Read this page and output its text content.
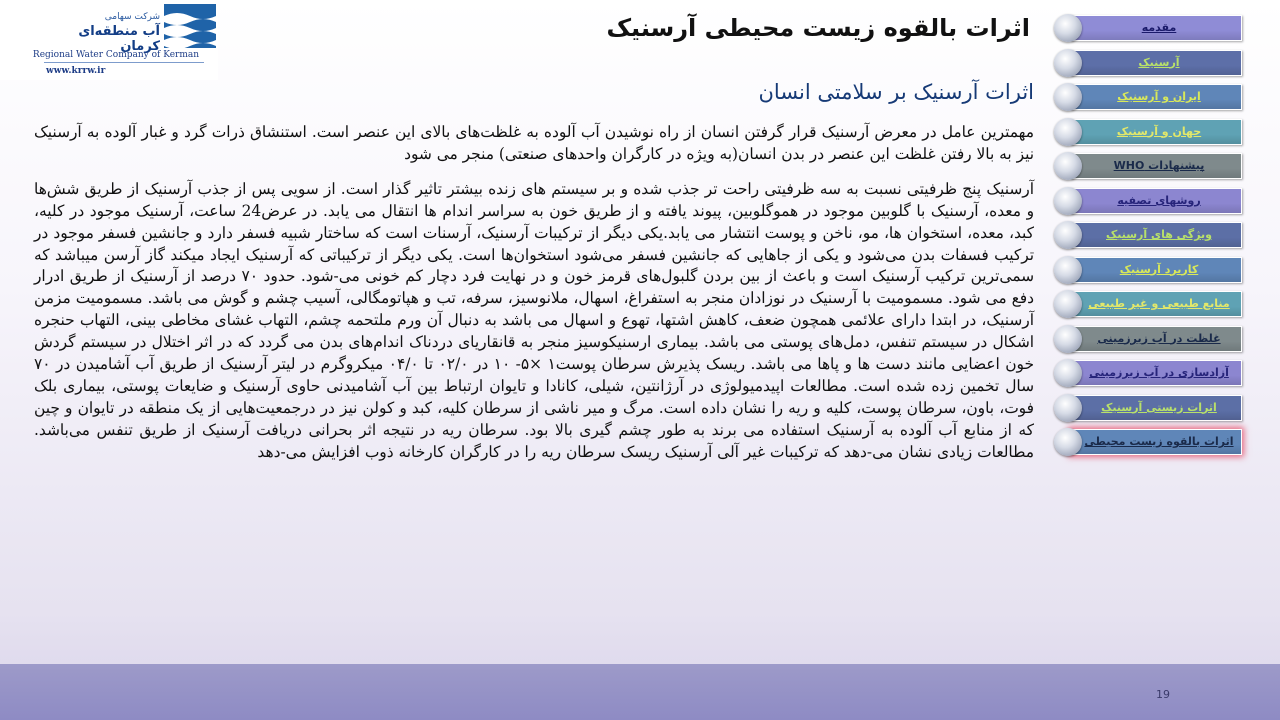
19
شرکت سهامی
آب منطقه‌ای کرمان
Regional Water Company of Kerman
www.krrw.ir
اثرات بالقوه زیست محیطی آرسنیک
اثرات آرسنیک بر سلامتی انسان

مهمترین عامل در معرض آرسنیک قرار گرفتن انسان از راه نوشیدن آب آلوده به غلظت‌های بالای این عنصر است. استنشاق ذرات گرد و غبار آلوده به آرسنیک نیز به بالا رفتن غلظت این عنصر در بدن انسان(به ویژه در کارگران واحدهای صنعتی) منجر می شود

آرسنیک پنج ظرفیتی نسبت به سه ظرفیتی راحت تر جذب شده و بر سیستم های زنده بیشتر تاثیر گذار است. از سویی پس از جذب آرسنیک از طریق شش‌ها و معده، آرسنیک با گلوبین موجود در هموگلوبین، پیوند یافته و از طریق خون به سراسر اندام ها انتقال می یابد. در عرض24 ساعت، آرسنیک موجود در کلیه، کبد، معده، استخوان ها، مو، ناخن و پوست انتشار می یابد.یکی دیگر از ترکیبات آرسنیک، آرسنات است که ساختار شبیه فسفر دارد و جانشین فسفر موجود در ترکیب فسفات بدن می‌شود و یکی از جاهایی که جانشین فسفر می‌شود استخوان‌ها است. یکی دیگر از ترکیباتی که آرسنیک ایجاد میکند گاز آرسن میباشد که سمی‌ترین ترکیب آرسنیک است و باعث از بین بردن گلبول‌های قرمز خون و در نهایت فرد دچار کم خونی می-شود. حدود ۷۰ درصد از آرسنیک از طریق ادرار دفع می شود. مسمومیت با آرسنیک در نوزادان منجر به استفراغ، اسهال، ملانوسیز، سرفه، تب و هپاتومگالی، آسیب چشم و گوش می باشد. مسمومیت مزمن آرسنیک، در ابتدا دارای علائمی همچون ضعف، کاهش اشتها، تهوع و اسهال می باشد به دنبال آن ورم ملتحمه چشم، التهاب غشای مخاطی بینی، التهاب حنجره اشکال در سیستم تنفس، دمل‌های پوستی می باشد. بیماری ارسنیکوسیز منجر به قانقاریای دردناک اندام‌های بدن می گردد که در اثر اختلال در سیستم گردش خون اعضایی مانند دست ها و پاها می باشد. ریسک پذیرش سرطان پوست۱ ×۵- ۱۰ در ۰۲/۰ تا ۰۴/۰ میکروگرم در لیتر آرسنیک از طریق آب آشامیدن در ۷۰ سال تخمین زده شده است. مطالعات اپیدمیولوژی در آرژانتین، شیلی، کانادا و تایوان ارتباط بین آب آشامیدنی حاوی آرسنیک و ضایعات پوستی، بیماری بلک فوت، باون، سرطان پوست، کلیه و ریه را نشان داده است. مرگ و میر ناشی از سرطان کلیه، کبد و کولن نیز در درجمعیت‌هایی از یک منطقه در تایوان و چین که از منابع آب آلوده به آرسنیک استفاده می برند به طور چشم گیری بالا بود. سرطان ریه در نتیجه اثر بحرانی دریافت آرسنیک از طریق تنفس می‌باشد. مطالعات زیادی نشان می-دهد که ترکیبات غیر آلی آرسنیک ریسک سرطان ریه را در کارگران کارخانه ذوب افزایش می-دهد

مقدمه
آرسنیک
ایران و آرسنیک
جهان و آرسنیک
پیشنهادات WHO
روشهای تصفیه
ویژگی های آرسنیک
کاربرد آرسنیک
منابع طبیعی و غیر طبیعی
غلظت در آب زیرزمینی
آزادسازی در آب زیرزمینی
اثرات زیستی آرسنیک
اثرات بالقوه زیست محیطی
